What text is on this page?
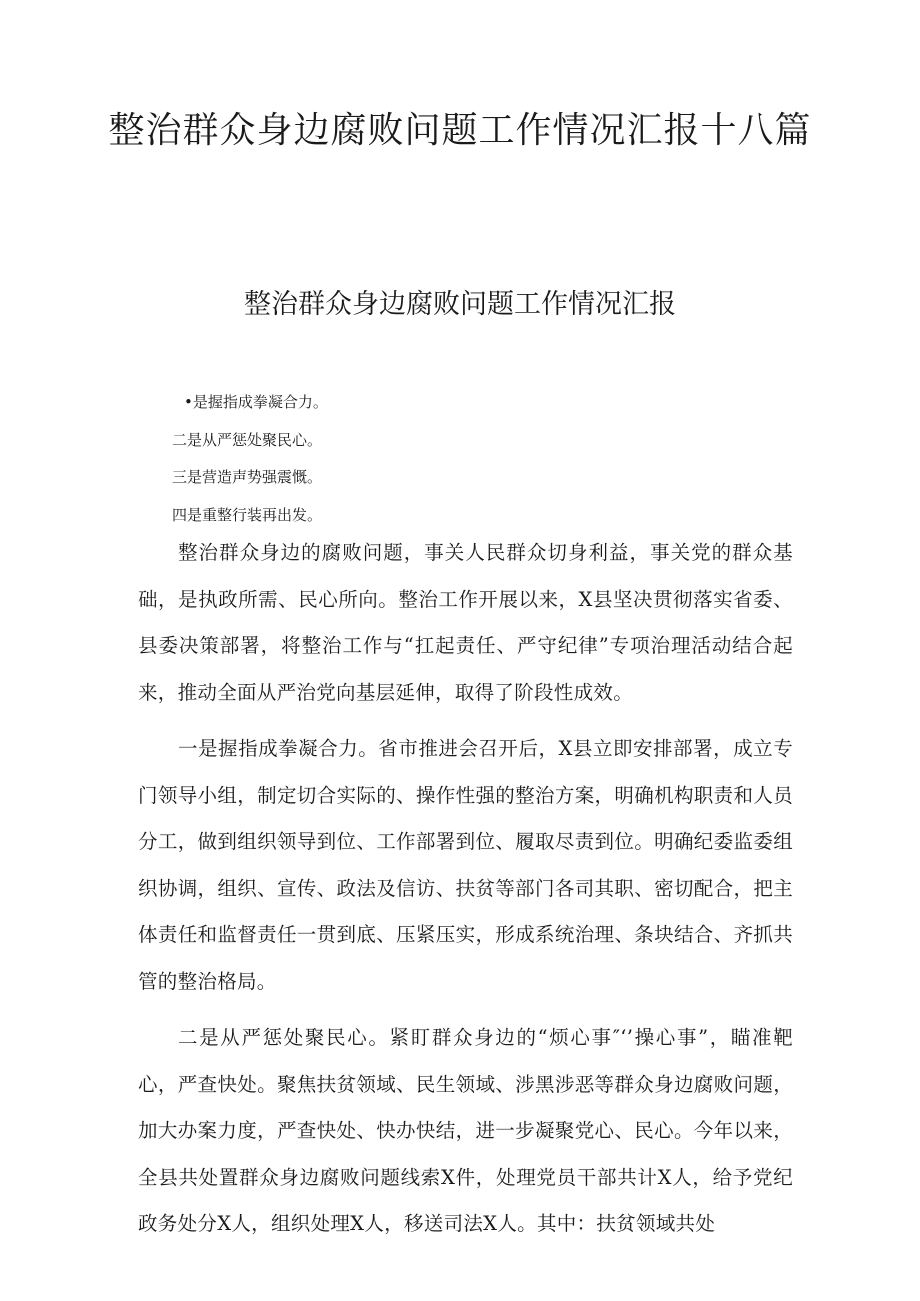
整治群众身边腐败问题工作情况汇报十八篇
整治群众身边腐败问题工作情况汇报
•是握指成拳凝合力。
二是从严惩处聚民心。
三是营造声势强震慨。
四是重整行装再出发。

整治群众身边的腐败问题，事关人民群众切身利益，事关党的群众基础，是执政所需、民心所向。整治工作开展以来，X县坚决贯彻落实省委、县委决策部署，将整治工作与“扛起责任、严守纪律”专项治理活动结合起来，推动全面从严治党向基层延伸，取得了阶段性成效。

一是握指成拳凝合力。省市推进会召开后，X县立即安排部署，成立专门领导小组，制定切合实际的、操作性强的整治方案，明确机构职责和人员分工，做到组织领导到位、工作部署到位、履取尽责到位。明确纪委监委组织协调，组织、宣传、政法及信访、扶贫等部门各司其职、密切配合，把主体责任和监督责任一贯到底、压紧压实，形成系统治理、条块结合、齐抓共管的整治格局。

二是从严惩处聚民心。紧盯群众身边的“烦心事″‘’操心事”，瞄准靶心，严查快处。聚焦扶贫领域、民生领域、涉黑涉恶等群众身边腐败问题，加大办案力度，严查快处、快办快结，进一步凝聚党心、民心。今年以来，全县共处置群众身边腐败问题线索X件，处理党员干部共计X人，给予党纪政务处分X人，组织处理X人，移送司法X人。其中：扶贫领域共处
